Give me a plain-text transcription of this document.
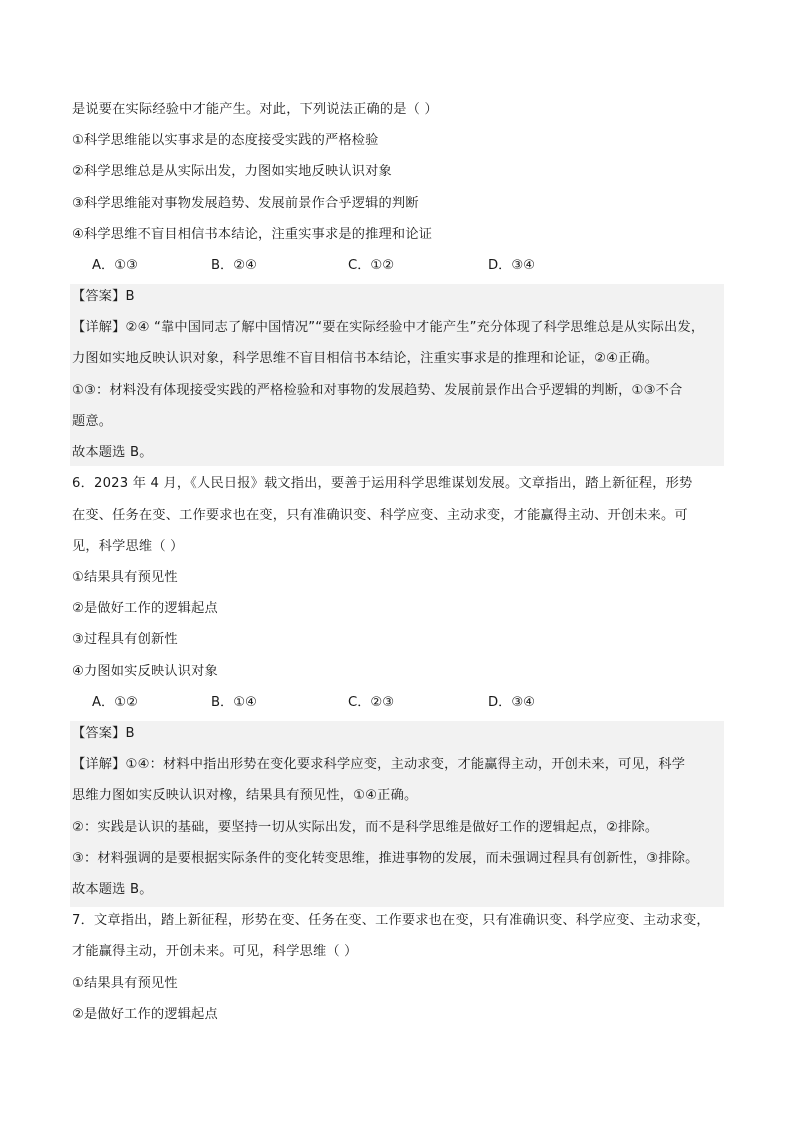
是说要在实际经验中才能产生。对此，下列说法正确的是（ ）
①科学思维能以实事求是的态度接受实践的严格检验
②科学思维总是从实际出发，力图如实地反映认识对象
③科学思维能对事物发展趋势、发展前景作合乎逻辑的判断
④科学思维不盲目相信书本结论，注重实事求是的推理和论证
A．①③	B．②④	C．①②	D．③④
【答案】B
【详解】②④ “靠中国同志了解中国情况”“要在实际经验中才能产生”充分体现了科学思维总是从实际出发，
力图如实地反映认识对象，科学思维不盲目相信书本结论，注重实事求是的推理和论证，②④正确。
①③：材料没有体现接受实践的严格检验和对事物的发展趋势、发展前景作出合乎逻辑的判断，①③不合
题意。
故本题选 B。
6．2023 年 4 月，《人民日报》载文指出，要善于运用科学思维谋划发展。文章指出，踏上新征程，形势
在变、任务在变、工作要求也在变，只有准确识变、科学应变、主动求变，才能赢得主动、开创未来。可
见，科学思维（ ）
①结果具有预见性
②是做好工作的逻辑起点
③过程具有创新性
④力图如实反映认识对象
A．①②	B．①④	C．②③	D．③④
【答案】B
【详解】①④：材料中指出形势在变化要求科学应变，主动求变，才能赢得主动，开创未来，可见，科学
思维力图如实反映认识对橡，结果具有预见性，①④正确。
②：实践是认识的基础，要坚持一切从实际出发，而不是科学思维是做好工作的逻辑起点，②排除。
③：材料强调的是要根据实际条件的变化转变思维，推进事物的发展，而未强调过程具有创新性，③排除。
故本题选 B。
7．文章指出，踏上新征程，形势在变、任务在变、工作要求也在变，只有准确识变、科学应变、主动求变，
才能赢得主动，开创未来。可见，科学思维（ ）
①结果具有预见性
②是做好工作的逻辑起点
